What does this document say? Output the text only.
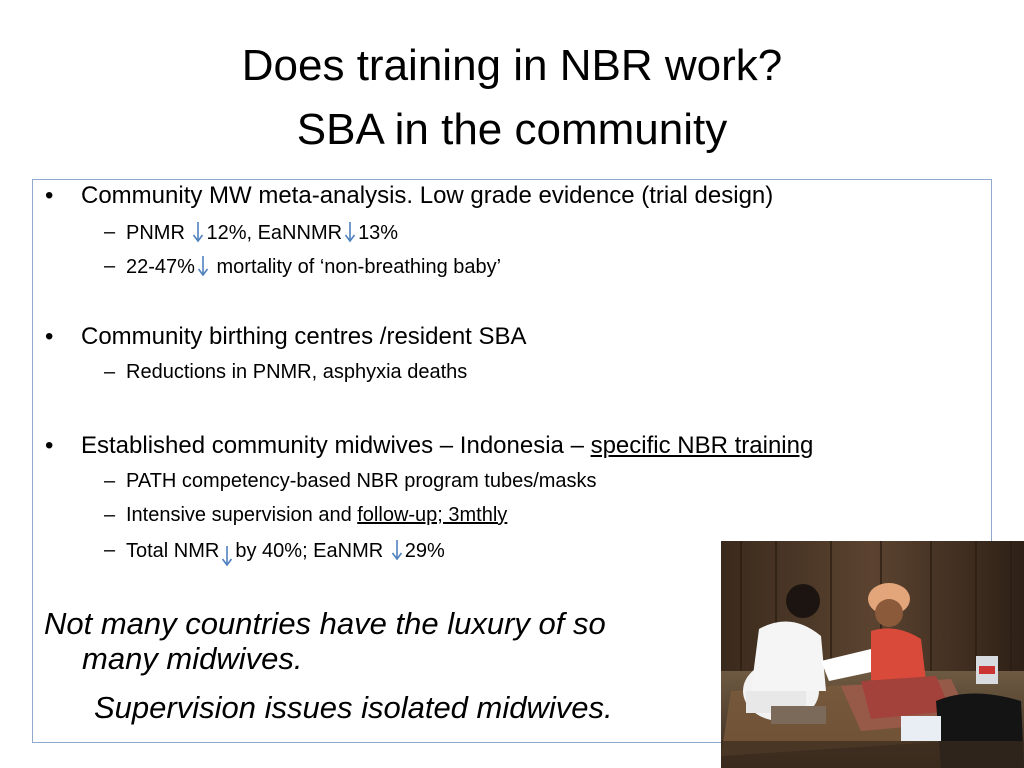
Does training in NBR work?
SBA in the community
• Community MW meta-analysis. Low grade evidence (trial design)
– PNMR
12%, EaNNMR 13%
– 22-47%
mortality of ‘non-breathing baby’
• Community birthing centres /resident SBA
– Reductions in PNMR, asphyxia deaths
• Established community midwives – Indonesia – specific NBR training
– PATH competency-based NBR program tubes/masks
– Intensive supervision and follow-up; 3mthly
– Total NMR by 40%; EaNMR
29%
Not many countries have the luxury of so
many midwives.
Supervision issues isolated midwives.
